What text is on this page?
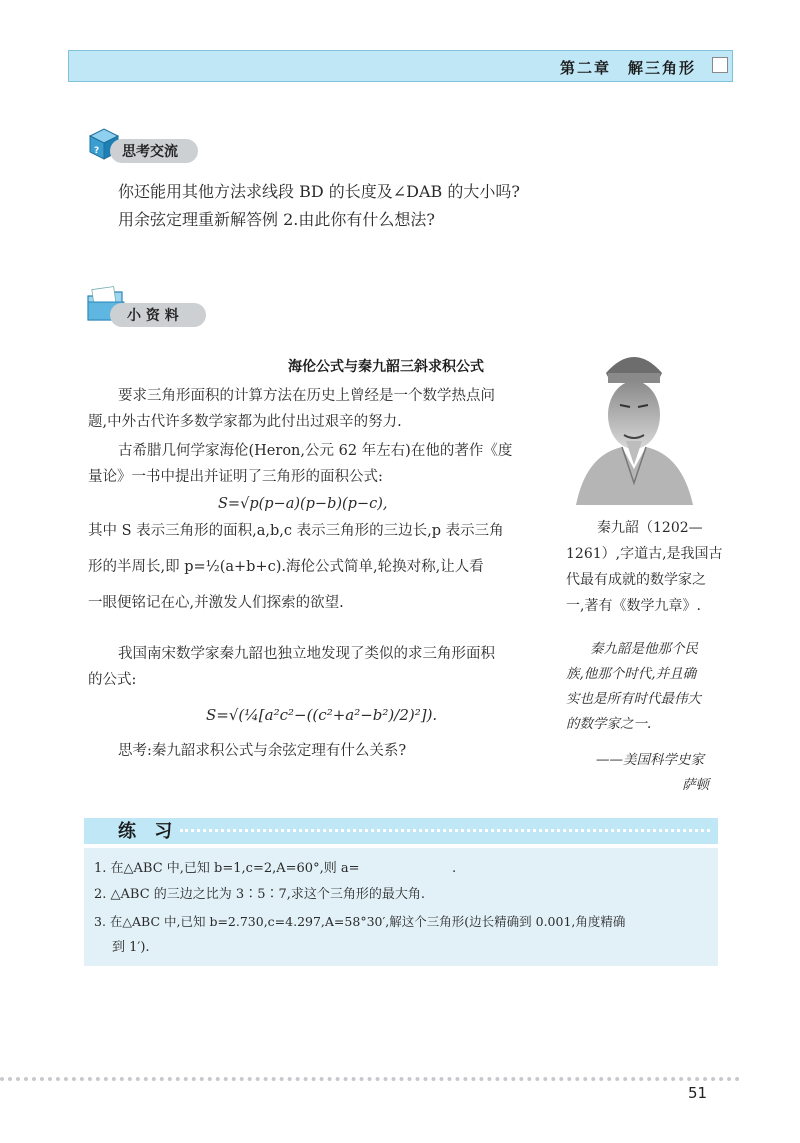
第二章　解三角形
? 思考交流
你还能用其他方法求线段 BD 的长度及∠DAB 的大小吗?
用余弦定理重新解答例 2.由此你有什么想法?
小 资 料
海伦公式与秦九韶三斜求积公式
要求三角形面积的计算方法在历史上曾经是一个数学热点问
题,中外古代许多数学家都为此付出过艰辛的努力.
古希腊几何学家海伦(Heron,公元 62 年左右)在他的著作《度
量论》一书中提出并证明了三角形的面积公式:
S=√p(p−a)(p−b)(p−c),
其中 S 表示三角形的面积,a,b,c 表示三角形的三边长,p 表示三角
形的半周长,即 p=½(a+b+c).海伦公式简单,轮换对称,让人看
一眼便铭记在心,并激发人们探索的欲望.
我国南宋数学家秦九韶也独立地发现了类似的求三角形面积
的公式:
S=√(¼[a²c²−((c²+a²−b²)/2)²]).
思考:秦九韶求积公式与余弦定理有什么关系?
秦九韶（1202—
1261）,字道古,是我国古
代最有成就的数学家之
一,著有《数学九章》.
秦九韶是他那个民
族,他那个时代,并且确
实也是所有时代最伟大
的数学家之一.
——美国科学史家
萨顿
练 习
1. 在△ABC 中,已知 b=1,c=2,A=60°,则 a=	.
2. △ABC 的三边之比为 3∶5∶7,求这个三角形的最大角.
3. 在△ABC 中,已知 b=2.730,c=4.297,A=58°30′,解这个三角形(边长精确到 0.001,角度精确
到 1′).
51
